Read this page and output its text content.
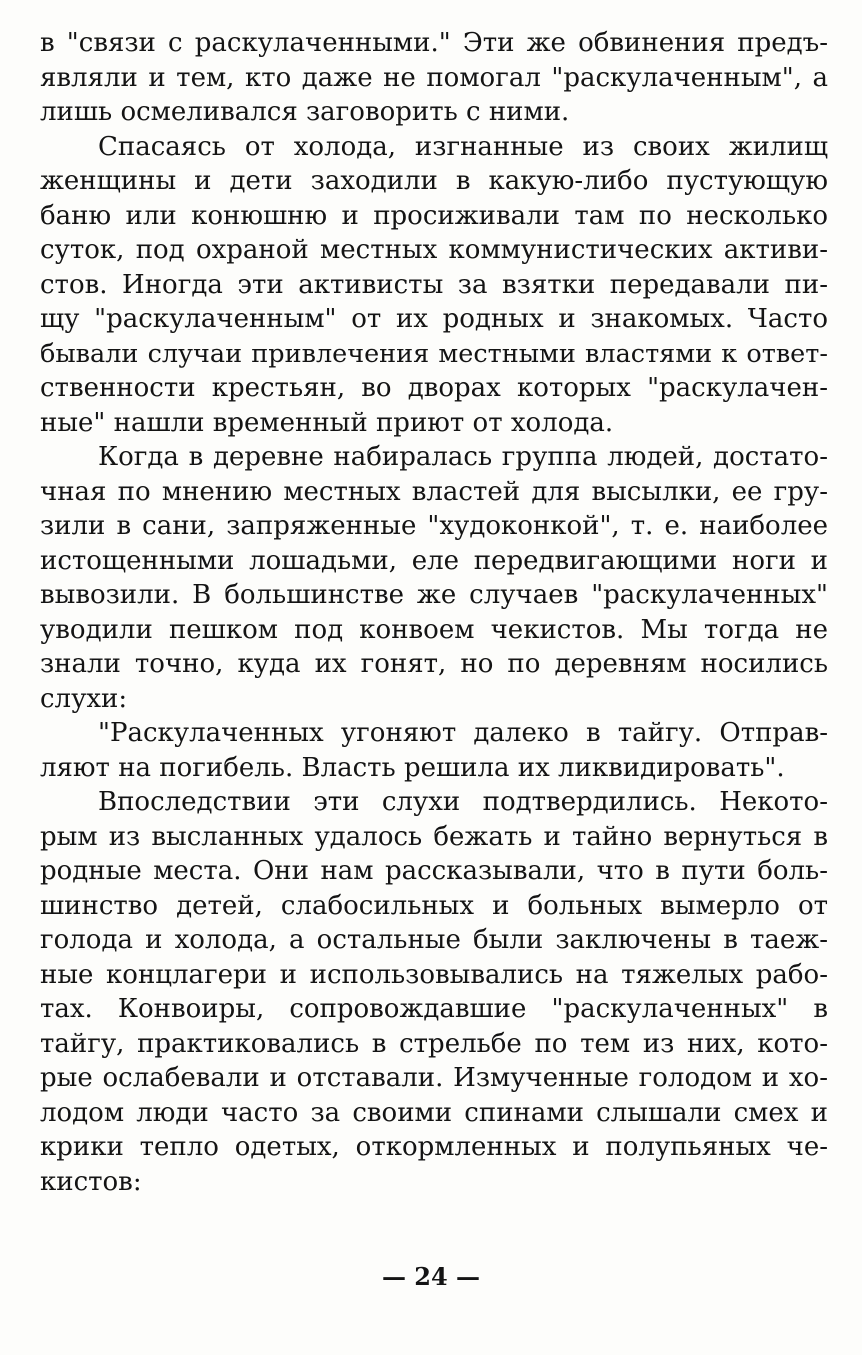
в "связи с раскулаченными." Эти же обвинения предъ-
являли и тем, кто даже не помогал "раскулаченным", а
лишь осмеливался заговорить с ними.
Спасаясь от холода, изгнанные из своих жилищ
женщины и дети заходили в какую-либо пустующую
баню или конюшню и просиживали там по несколько
суток, под охраной местных коммунистических активи-
стов. Иногда эти активисты за взятки передавали пи-
щу "раскулаченным" от их родных и знакомых. Часто
бывали случаи привлечения местными властями к ответ-
ственности крестьян, во дворах которых "раскулачен-
ные" нашли временный приют от холода.
Когда в деревне набиралась группа людей, достато-
чная по мнению местных властей для высылки, ее гру-
зили в сани, запряженные "худоконкой", т. е. наиболее
истощенными лошадьми, еле передвигающими ноги и
вывозили. В большинстве же случаев "раскулаченных"
уводили пешком под конвоем чекистов. Мы тогда не
знали точно, куда их гонят, но по деревням носились
слухи:
"Раскулаченных угоняют далеко в тайгу. Отправ-
ляют на погибель. Власть решила их ликвидировать".
Впоследствии эти слухи подтвердились. Некото-
рым из высланных удалось бежать и тайно вернуться в
родные места. Они нам рассказывали, что в пути боль-
шинство детей, слабосильных и больных вымерло от
голода и холода, а остальные были заключены в таеж-
ные концлагери и использовывались на тяжелых рабо-
тах. Конвоиры, сопровождавшие "раскулаченных" в
тайгу, практиковались в стрельбе по тем из них, кото-
рые ослабевали и отставали. Измученные голодом и хо-
лодом люди часто за своими спинами слышали смех и
крики тепло одетых, откормленных и полупьяных че-
кистов:
— 24 —
